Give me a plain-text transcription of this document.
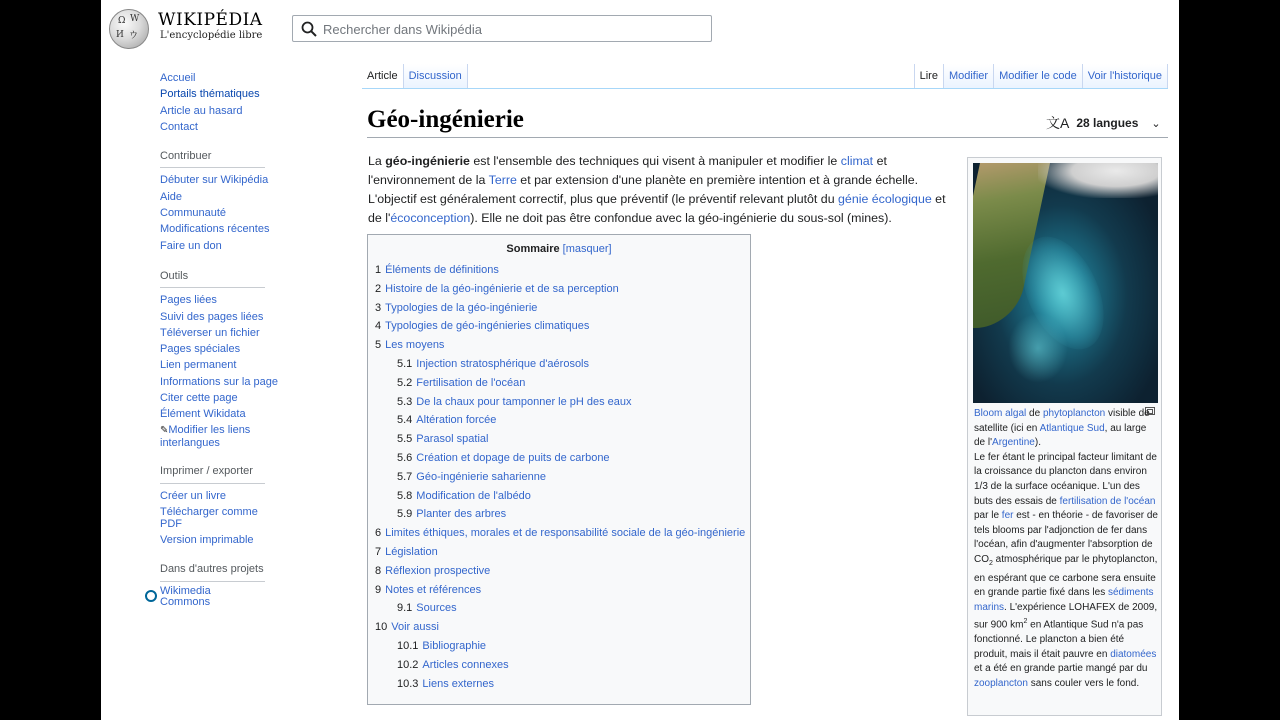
Ω W
И ウ
WIKIPÉDIA
L'encyclopédie libre
Rechercher dans Wikipédia
Accueil
Portails thématiques
Article au hasard
Contact
Contribuer
Débuter sur Wikipédia
Aide
Communauté
Modifications récentes
Faire un don
Outils
Pages liées
Suivi des pages liées
Téléverser un fichier
Pages spéciales
Lien permanent
Informations sur la page
Citer cette page
Élément Wikidata
✎Modifier les liens interlangues
Imprimer / exporter
Créer un livre
Télécharger comme PDF
Version imprimable
Dans d'autres projets
Wikimedia Commons
Article	Discussion	Lire	Modifier	Modifier le code	Voir l'historique
Géo-ingénierie	文A 28 langues ⌄

La géo-ingénierie est l'ensemble des techniques qui visent à manipuler et modifier le climat et l'environnement de la Terre et par extension d'une planète en première intention et à grande échelle. L'objectif est généralement correctif, plus que préventif (le préventif relevant plutôt du génie écologique et de l'écoconception). Elle ne doit pas être confondue avec la géo-ingénierie du sous-sol (mines).

Sommaire [masquer]
1 Éléments de définitions
2 Histoire de la géo-ingénierie et de sa perception
3 Typologies de la géo-ingénierie
4 Typologies de géo-ingénieries climatiques
5 Les moyens
5.1 Injection stratosphérique d'aérosols
5.2 Fertilisation de l'océan
5.3 De la chaux pour tamponner le pH des eaux
5.4 Altération forcée
5.5 Parasol spatial
5.6 Création et dopage de puits de carbone
5.7 Géo-ingénierie saharienne
5.8 Modification de l'albédo
5.9 Planter des arbres
6 Limites éthiques, morales et de responsabilité sociale de la géo-ingénierie
7 Législation
8 Réflexion prospective
9 Notes et références
9.1 Sources
10 Voir aussi
10.1 Bibliographie
10.2 Articles connexes
10.3 Liens externes
Bloom algal de phytoplancton visible de satellite (ici en Atlantique Sud, au large de l'Argentine).
Le fer étant le principal facteur limitant de la croissance du plancton dans environ 1/3 de la surface océanique. L'un des buts des essais de fertilisation de l'océan par le fer est - en théorie - de favoriser de tels blooms par l'adjonction de fer dans l'océan, afin d'augmenter l'absorption de $CO_2$ atmosphérique par le phytoplancton, en espérant que ce carbone sera ensuite en grande partie fixé dans les sédiments marins. L'expérience LOHAFEX de 2009, sur 900 $km^2$ en Atlantique Sud n'a pas fonctionné. Le plancton a bien été produit, mais il était pauvre en diatomées et a été en grande partie mangé par du zooplancton sans couler vers le fond.
